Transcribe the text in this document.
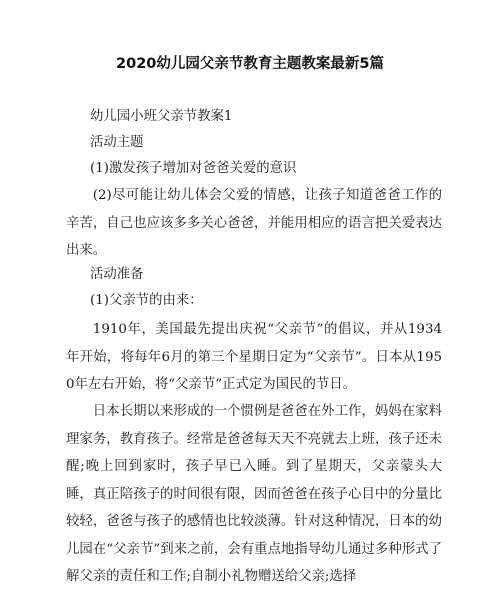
2020幼儿园父亲节教育主题教案最新5篇

幼儿园小班父亲节教案1

活动主题

(1)激发孩子增加对爸爸关爱的意识

(2)尽可能让幼儿体会父爱的情感，让孩子知道爸爸工作的辛苦，自己也应该多多关心爸爸，并能用相应的语言把关爱表达出来。

活动准备

(1)父亲节的由来：

1910年，美国最先提出庆祝“父亲节”的倡议，并从1934年开始，将每年6月的第三个星期日定为“父亲节”。日本从1950年左右开始，将“父亲节”正式定为国民的节日。

日本长期以来形成的一个惯例是爸爸在外工作，妈妈在家料理家务，教育孩子。经常是爸爸每天天不亮就去上班，孩子还未醒;晚上回到家时，孩子早已入睡。到了星期天，父亲蒙头大睡，真正陪孩子的时间很有限，因而爸爸在孩子心目中的分量比较轻，爸爸与孩子的感情也比较淡薄。针对这种情况，日本的幼儿园在“父亲节”到来之前，会有重点地指导幼儿通过多种形式了解父亲的责任和工作;自制小礼物赠送给父亲;选择
